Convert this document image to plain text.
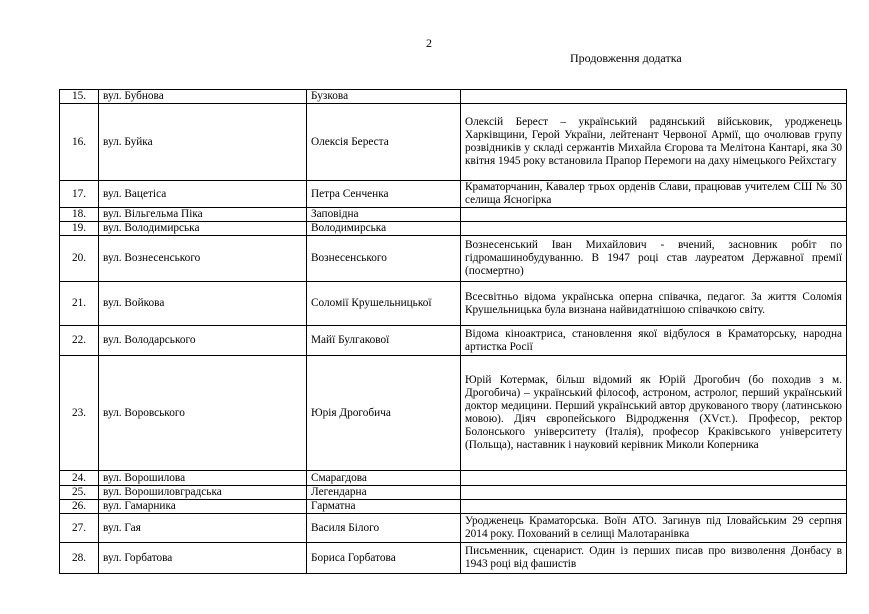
2
Продовження додатка
15.	вул. Бубнова	Бузкова	
16.	вул. Буйка	Олексія Береста	Олексій Берест – український радянський військовик, уродженець Харківщини, Герой України, лейтенант Червоної Армії, що очолював групу розвідників у складі сержантів Михайла Єгорова та Мелітона Кантарі, яка 30 квітня 1945 року встановила Прапор Перемоги на даху німецького Рейхстагу
17.	вул. Вацетіса	Петра Сенченка	Краматорчанин, Кавалер трьох орденів Слави, працював учителем СШ № 30 селища Ясногірка
18.	вул. Вільгельма Піка	Заповідна	
19.	вул. Володимирська	Володимирська	
20.	вул. Вознесенського	Вознесенського	Вознесенський Іван Михайлович - вчений, засновник робіт по гідромашинобудуванню. В 1947 році став лауреатом Державної премії (посмертно)
21.	вул. Войкова	Соломії Крушельницької	Всесвітньо відома українська оперна співачка, педагог. За життя Соломія Крушельницька була визнана найвидатнішою співачкою світу.
22.	вул. Володарського	Майї Булгакової	Відома кіноактриса, становлення якої відбулося в Краматорську, народна артистка Росії
23.	вул. Воровського	Юрія Дрогобича	Юрій Котермак, більш відомий як Юрій Дрогобич (бо походив з м. Дрогобича) – український філософ, астроном, астролог, перший український доктор медицини. Перший український автор друкованого твору (латинською мовою). Діяч європейського Відродження (XVст.). Професор, ректор Болонського університету (Італія), професор Краківського університету (Польща), наставник і науковий керівник Миколи Коперника
24.	вул. Ворошилова	Смарагдова	
25.	вул. Ворошиловградська	Легендарна	
26.	вул. Гамарника	Гарматна	
27.	вул. Гая	Василя Білого	Уродженець Краматорська. Воїн АТО. Загинув під Іловайським 29 серпня 2014 року. Похований в селищі Малотаранівка
28.	вул. Горбатова	Бориса Горбатова	Письменник, сценарист. Один із перших писав про визволення Донбасу в 1943 році від фашистів
